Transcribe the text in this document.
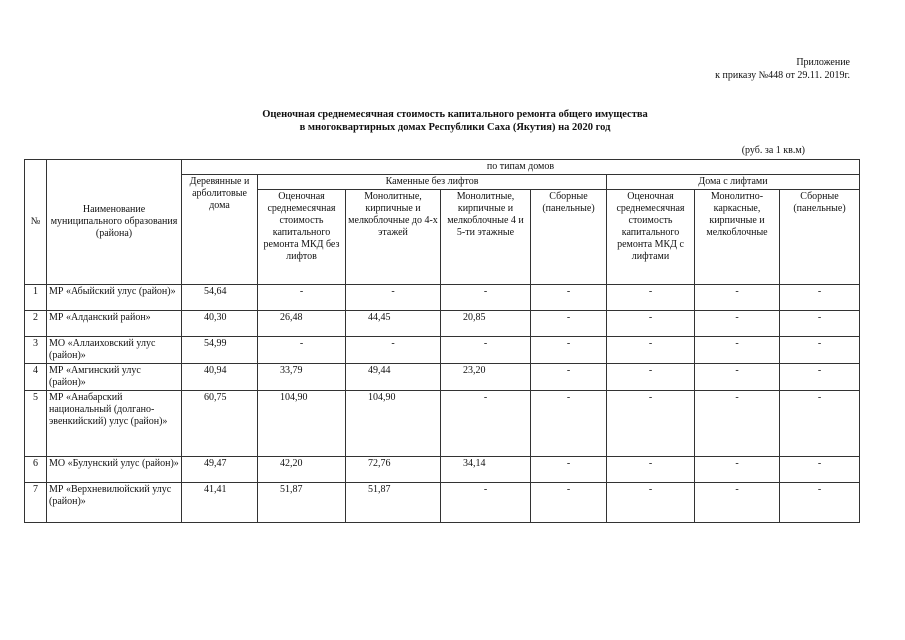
Приложение
к приказу №448 от 29.11. 2019г.
Оценочная среднемесячная стоимость капитального ремонта общего имущества
в многоквартирных домах Республики Саха (Якутия) на 2020 год
(руб. за 1 кв.м)
№	Наименование муниципального образования (района)	по типам домов							
		Деревянные и арболитовые дома	Каменные без лифтов				Дома с лифтами		
			Оценочная среднемесячная стоимость капитального ремонта МКД без лифтов	Монолитные, кирпичные и мелкоблочные до 4-х этажей	Монолитные, кирпичные и мелкоблочные 4 и 5-ти этажные	Сборные (панельные)	Оценочная среднемесячная стоимость капитального ремонта МКД с лифтами	Монолитно-каркасные, кирпичные и мелкоблочные	Сборные (панельные)
1	МР «Абыйский улус (район)»	54,64	-	-	-	-	-	-	-
2	МР «Алданский район»	40,30	26,48	44,45	20,85	-	-	-	-
3	МО «Аллаиховский улус (район)»	54,99	-	-	-	-	-	-	-
4	МР «Амгинский улус (район)»	40,94	33,79	49,44	23,20	-	-	-	-
5	МР «Анабарский национальный (долгано-эвенкийский) улус (район)»	60,75	104,90	104,90	-	-	-	-	-
6	МО «Булунский улус (район)»	49,47	42,20	72,76	34,14	-	-	-	-
7	МР «Верхневилюйский улус (район)»	41,41	51,87	51,87	-	-	-	-	-
